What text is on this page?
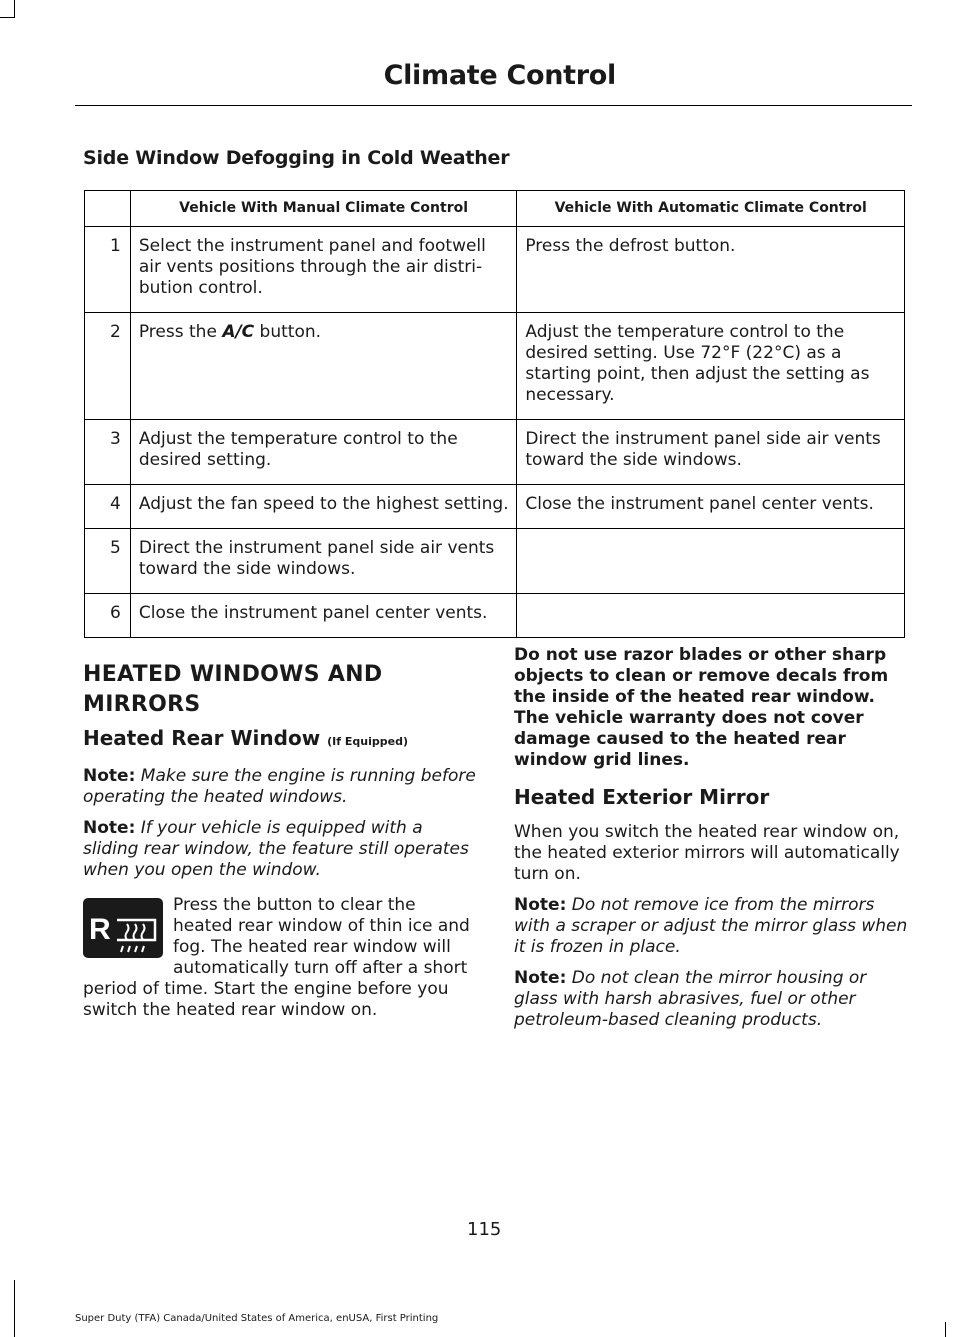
Climate Control
Side Window Defogging in Cold Weather
	Vehicle With Manual Climate Control	Vehicle With Automatic Climate Control
1	Select the instrument panel and footwell air vents positions through the air distri-bution control.	Press the defrost button.
2	Press the A/C button.	Adjust the temperature control to the desired setting. Use 72°F (22°C) as a starting point, then adjust the setting as necessary.
3	Adjust the temperature control to the desired setting.	Direct the instrument panel side air vents toward the side windows.
4	Adjust the fan speed to the highest setting.	Close the instrument panel center vents.
5	Direct the instrument panel side air vents toward the side windows.	
6	Close the instrument panel center vents.	
HEATED WINDOWS AND
MIRRORS
Heated Rear Window (If Equipped)

Note: Make sure the engine is running before operating the heated windows.

Note: If your vehicle is equipped with a sliding rear window, the feature still operates when you open the window.

R
Press the button to clear the heated rear window of thin ice and fog. The heated rear window will automatically turn off after a short period of time. Start the engine before you switch the heated rear window on.

Do not use razor blades or other sharp objects to clean or remove decals from the inside of the heated rear window. The vehicle warranty does not cover damage caused to the heated rear window grid lines.

Heated Exterior Mirror

When you switch the heated rear window on, the heated exterior mirrors will automatically turn on.

Note: Do not remove ice from the mirrors with a scraper or adjust the mirror glass when it is frozen in place.

Note: Do not clean the mirror housing or glass with harsh abrasives, fuel or other petroleum-based cleaning products.

115
Super Duty (TFA) Canada/United States of America, enUSA, First Printing
